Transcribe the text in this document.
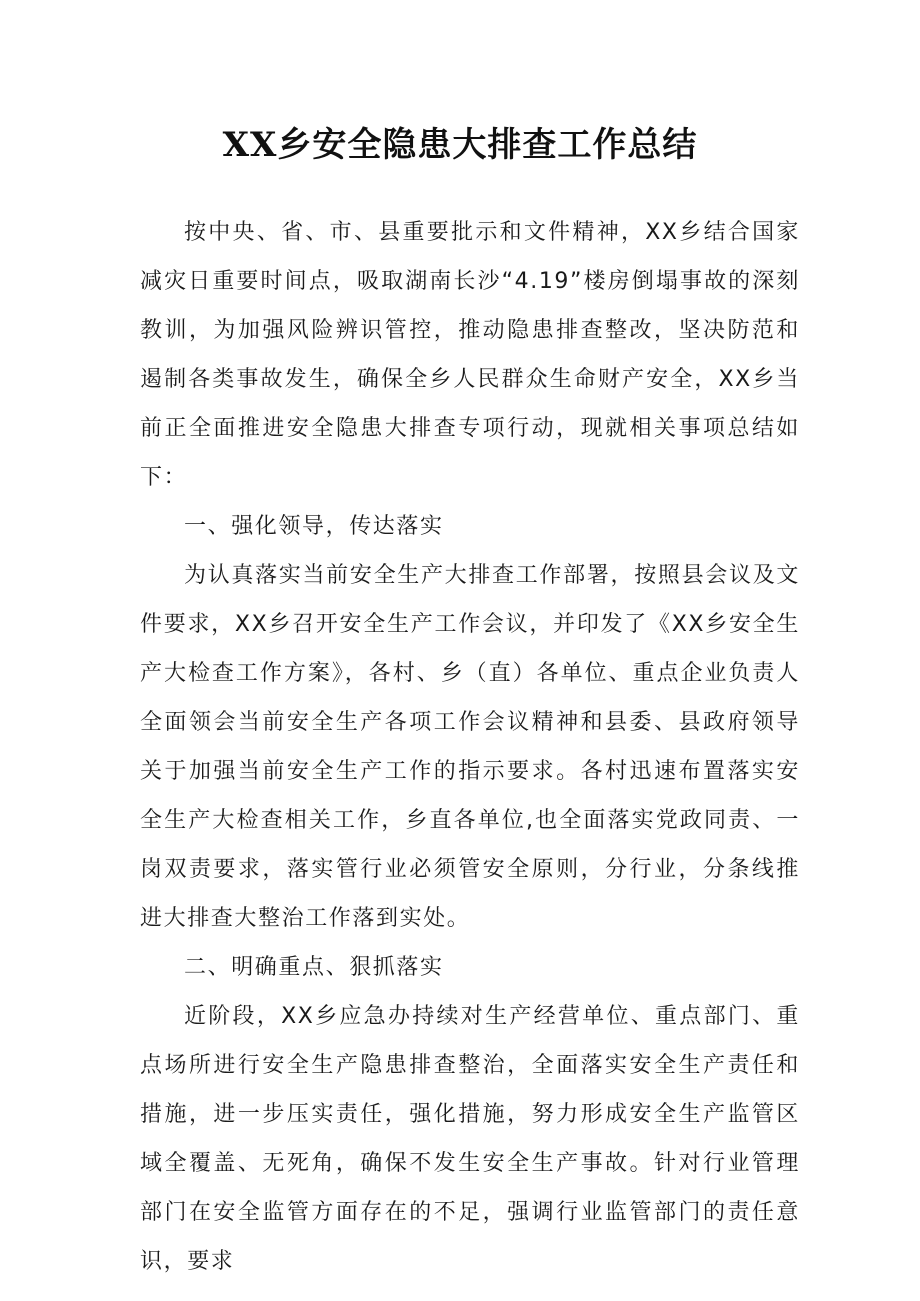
XX乡安全隐患大排查工作总结

按中央、省、市、县重要批示和文件精神，XX乡结合国家减灾日重要时间点，吸取湖南长沙“4.19”楼房倒塌事故的深刻教训，为加强风险辨识管控，推动隐患排查整改，坚决防范和遏制各类事故发生，确保全乡人民群众生命财产安全，XX乡当前正全面推进安全隐患大排查专项行动，现就相关事项总结如下：

一、强化领导，传达落实

为认真落实当前安全生产大排查工作部署，按照县会议及文件要求，XX乡召开安全生产工作会议，并印发了《XX乡安全生产大检查工作方案》，各村、乡（直）各单位、重点企业负责人全面领会当前安全生产各项工作会议精神和县委、县政府领导关于加强当前安全生产工作的指示要求。各村迅速布置落实安全生产大检查相关工作，乡直各单位,也全面落实党政同责、一岗双责要求，落实管行业必须管安全原则，分行业，分条线推进大排查大整治工作落到实处。

二、明确重点、狠抓落实

近阶段，XX乡应急办持续对生产经营单位、重点部门、重点场所进行安全生产隐患排查整治，全面落实安全生产责任和措施，进一步压实责任，强化措施，努力形成安全生产监管区域全覆盖、无死角，确保不发生安全生产事故。针对行业管理部门在安全监管方面存在的不足，强调行业监管部门的责任意识，要求
